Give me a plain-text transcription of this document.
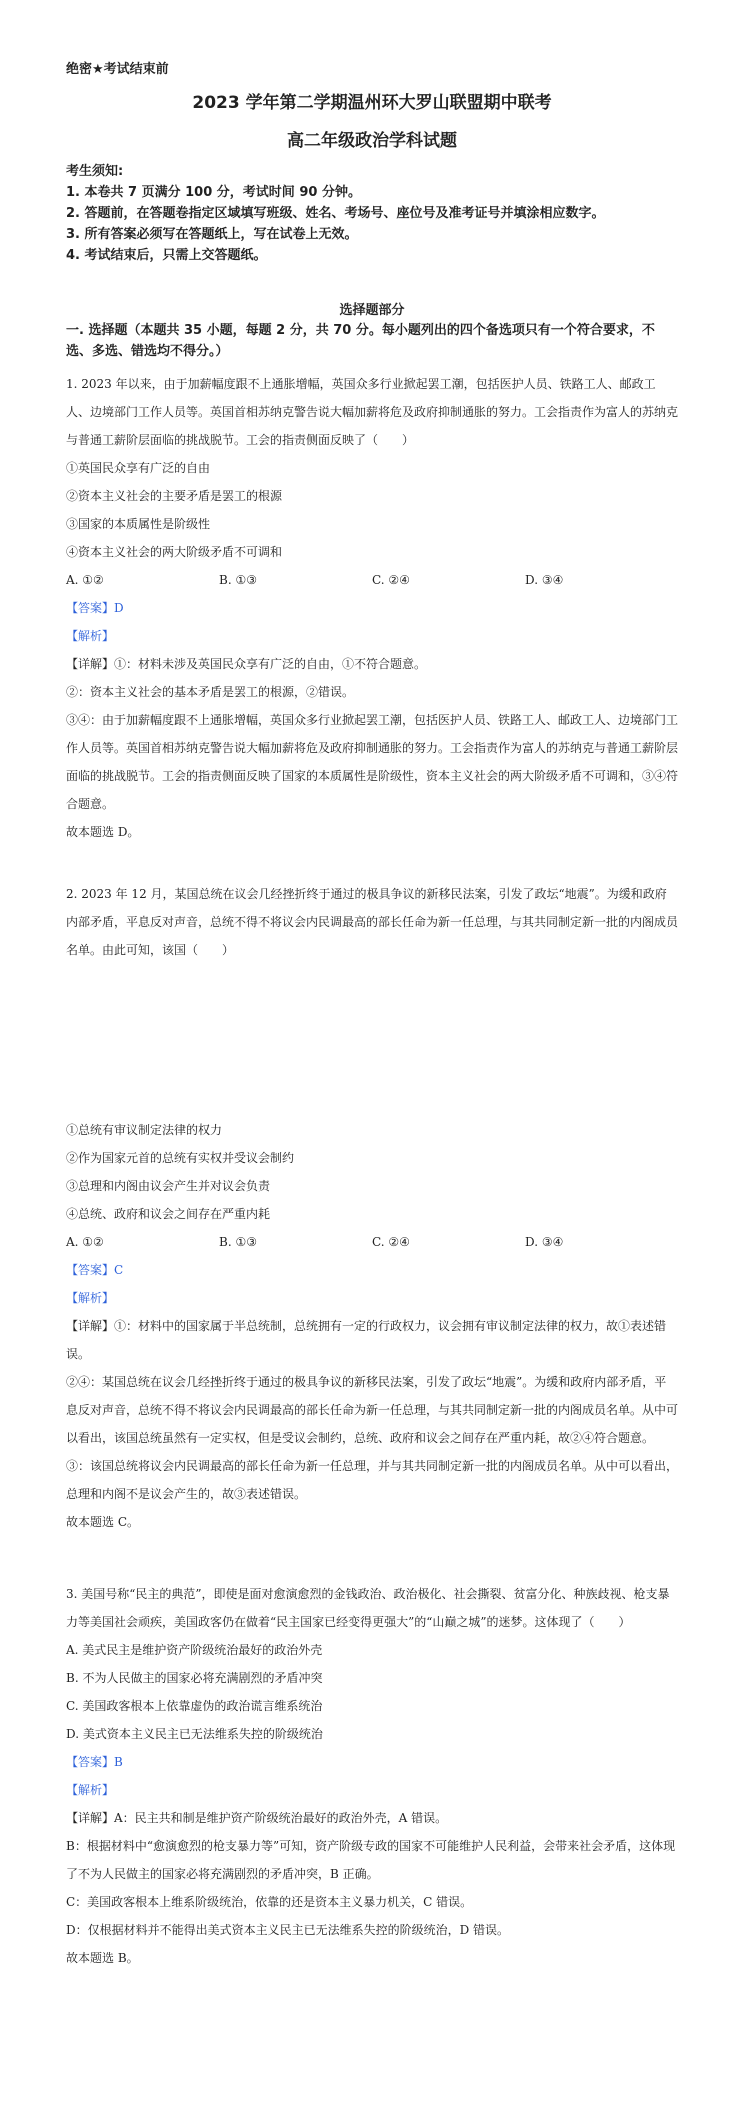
绝密★考试结束前
2023 学年第二学期温州环大罗山联盟期中联考
高二年级政治学科试题
考生须知:
1. 本卷共 7 页满分 100 分，考试时间 90 分钟。
2. 答题前，在答题卷指定区域填写班级、姓名、考场号、座位号及准考证号并填涂相应数字。
3. 所有答案必须写在答题纸上，写在试卷上无效。
4. 考试结束后，只需上交答题纸。
选择题部分
一. 选择题（本题共 35 小题，每题 2 分，共 70 分。每小题列出的四个备选项只有一个符合要求，不选、多选、错选均不得分。）

1. 2023 年以来，由于加薪幅度跟不上通胀增幅，英国众多行业掀起罢工潮，包括医护人员、铁路工人、邮政工人、边境部门工作人员等。英国首相苏纳克警告说大幅加薪将危及政府抑制通胀的努力。工会指责作为富人的苏纳克与普通工薪阶层面临的挑战脱节。工会的指责侧面反映了（　　）

①英国民众享有广泛的自由

②资本主义社会的主要矛盾是罢工的根源

③国家的本质属性是阶级性

④资本主义社会的两大阶级矛盾不可调和

A. ①②	B. ①③	C. ②④	D. ③④

【答案】D

【解析】

【详解】①：材料未涉及英国民众享有广泛的自由，①不符合题意。

②：资本主义社会的基本矛盾是罢工的根源，②错误。

③④：由于加薪幅度跟不上通胀增幅，英国众多行业掀起罢工潮，包括医护人员、铁路工人、邮政工人、边境部门工作人员等。英国首相苏纳克警告说大幅加薪将危及政府抑制通胀的努力。工会指责作为富人的苏纳克与普通工薪阶层面临的挑战脱节。工会的指责侧面反映了国家的本质属性是阶级性，资本主义社会的两大阶级矛盾不可调和，③④符合题意。

故本题选 D。

2. 2023 年 12 月，某国总统在议会几经挫折终于通过的极具争议的新移民法案，引发了政坛“地震”。为缓和政府内部矛盾，平息反对声音，总统不得不将议会内民调最高的部长任命为新一任总理，与其共同制定新一批的内阁成员名单。由此可知，该国（　　）

①总统有审议制定法律的权力

②作为国家元首的总统有实权并受议会制约

③总理和内阁由议会产生并对议会负责

④总统、政府和议会之间存在严重内耗

A. ①②	B. ①③	C. ②④	D. ③④

【答案】C

【解析】

【详解】①：材料中的国家属于半总统制，总统拥有一定的行政权力，议会拥有审议制定法律的权力，故①表述错误。

②④：某国总统在议会几经挫折终于通过的极具争议的新移民法案，引发了政坛“地震”。为缓和政府内部矛盾，平息反对声音，总统不得不将议会内民调最高的部长任命为新一任总理，与其共同制定新一批的内阁成员名单。从中可以看出，该国总统虽然有一定实权，但是受议会制约，总统、政府和议会之间存在严重内耗，故②④符合题意。

③：该国总统将议会内民调最高的部长任命为新一任总理，并与其共同制定新一批的内阁成员名单。从中可以看出，总理和内阁不是议会产生的，故③表述错误。

故本题选 C。

3. 美国号称“民主的典范”，即使是面对愈演愈烈的金钱政治、政治极化、社会撕裂、贫富分化、种族歧视、枪支暴力等美国社会顽疾，美国政客仍在做着“民主国家已经变得更强大”的“山巅之城”的迷梦。这体现了（　　）

A. 美式民主是维护资产阶级统治最好的政治外壳

B. 不为人民做主的国家必将充满剧烈的矛盾冲突

C. 美国政客根本上依靠虚伪的政治谎言维系统治

D. 美式资本主义民主已无法维系失控的阶级统治

【答案】B

【解析】

【详解】A：民主共和制是维护资产阶级统治最好的政治外壳，A 错误。

B：根据材料中“愈演愈烈的枪支暴力等”可知，资产阶级专政的国家不可能维护人民利益，会带来社会矛盾，这体现了不为人民做主的国家必将充满剧烈的矛盾冲突，B 正确。

C：美国政客根本上维系阶级统治，依靠的还是资本主义暴力机关，C 错误。

D：仅根据材料并不能得出美式资本主义民主已无法维系失控的阶级统治，D 错误。

故本题选 B。
